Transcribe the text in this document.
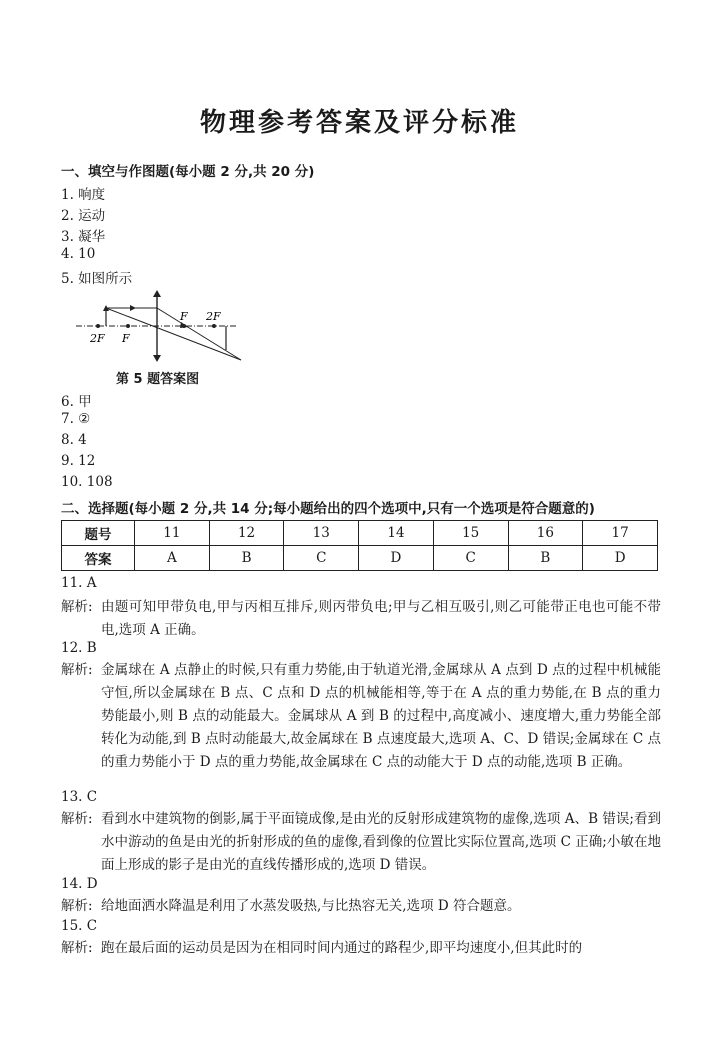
物理参考答案及评分标准
一、填空与作图题(每小题 2 分,共 20 分)
1. 响度
2. 运动
3. 凝华
4. 10
5. 如图所示
F 2F
2F F
第 5 题答案图
6. 甲
7. ②
8. 4
9. 12
10. 108
二、选择题(每小题 2 分,共 14 分;每小题给出的四个选项中,只有一个选项是符合题意的)
题号	11	12	13	14	15	16	17
答案	A	B	C	D	C	B	D
11. A
解析: 由题可知甲带负电,甲与丙相互排斥,则丙带负电;甲与乙相互吸引,则乙可能带正电也可能不带电,选项 A 正确。
12. B
解析: 金属球在 A 点静止的时候,只有重力势能,由于轨道光滑,金属球从 A 点到 D 点的过程中机械能守恒,所以金属球在 B 点、C 点和 D 点的机械能相等,等于在 A 点的重力势能,在 B 点的重力势能最小,则 B 点的动能最大。金属球从 A 到 B 的过程中,高度减小、速度增大,重力势能全部转化为动能,到 B 点时动能最大,故金属球在 B 点速度最大,选项 A、C、D 错误;金属球在 C 点的重力势能小于 D 点的重力势能,故金属球在 C 点的动能大于 D 点的动能,选项 B 正确。
13. C
解析: 看到水中建筑物的倒影,属于平面镜成像,是由光的反射形成建筑物的虚像,选项 A、B 错误;看到水中游动的鱼是由光的折射形成的鱼的虚像,看到像的位置比实际位置高,选项 C 正确;小敏在地面上形成的影子是由光的直线传播形成的,选项 D 错误。
14. D
解析: 给地面洒水降温是利用了水蒸发吸热,与比热容无关,选项 D 符合题意。
15. C
解析: 跑在最后面的运动员是因为在相同时间内通过的路程少,即平均速度小,但其此时的
